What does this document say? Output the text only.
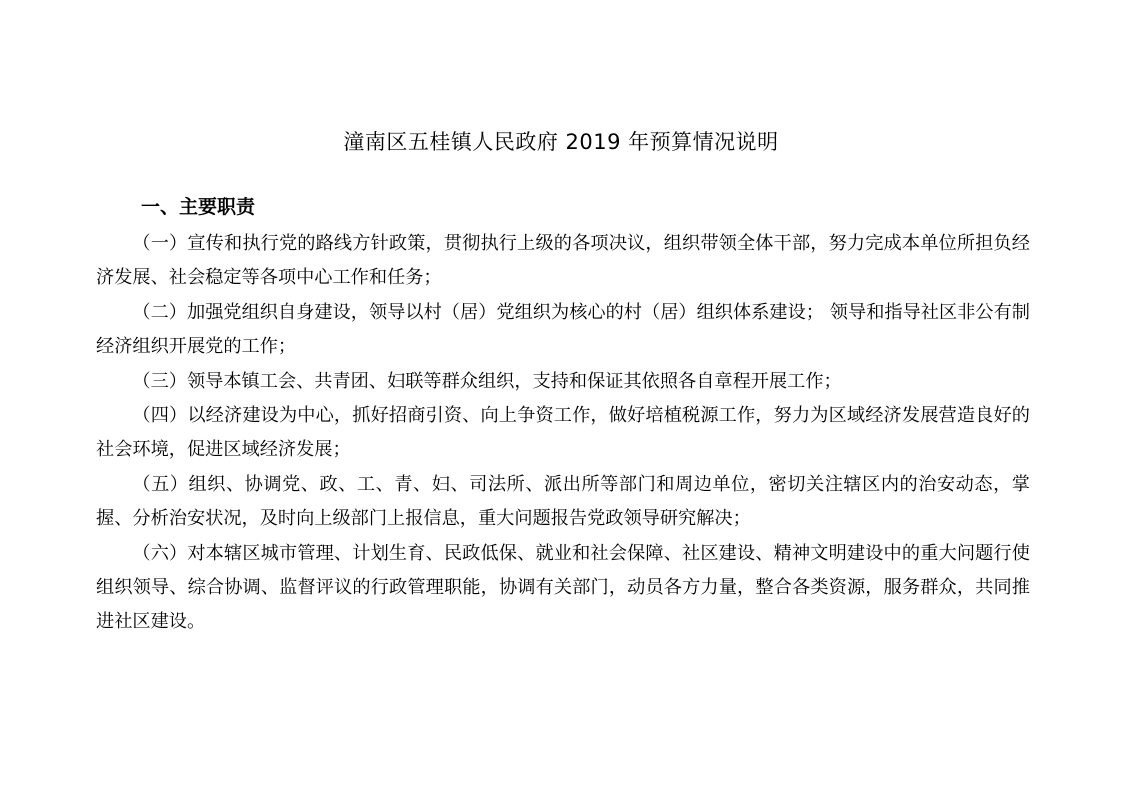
潼南区五桂镇人民政府 2019 年预算情况说明
一、主要职责

（一）宣传和执行党的路线方针政策，贯彻执行上级的各项决议，组织带领全体干部，努力完成本单位所担负经济发展、社会稳定等各项中心工作和任务；

（二）加强党组织自身建设，领导以村（居）党组织为核心的村（居）组织体系建设； 领导和指导社区非公有制经济组织开展党的工作；

（三）领导本镇工会、共青团、妇联等群众组织，支持和保证其依照各自章程开展工作；

（四）以经济建设为中心，抓好招商引资、向上争资工作，做好培植税源工作，努力为区域经济发展营造良好的社会环境，促进区域经济发展；

（五）组织、协调党、政、工、青、妇、司法所、派出所等部门和周边单位，密切关注辖区内的治安动态，掌握、分析治安状况，及时向上级部门上报信息，重大问题报告党政领导研究解决；

（六）对本辖区城市管理、计划生育、民政低保、就业和社会保障、社区建设、精神文明建设中的重大问题行使组织领导、综合协调、监督评议的行政管理职能，协调有关部门，动员各方力量，整合各类资源，服务群众，共同推进社区建设。
